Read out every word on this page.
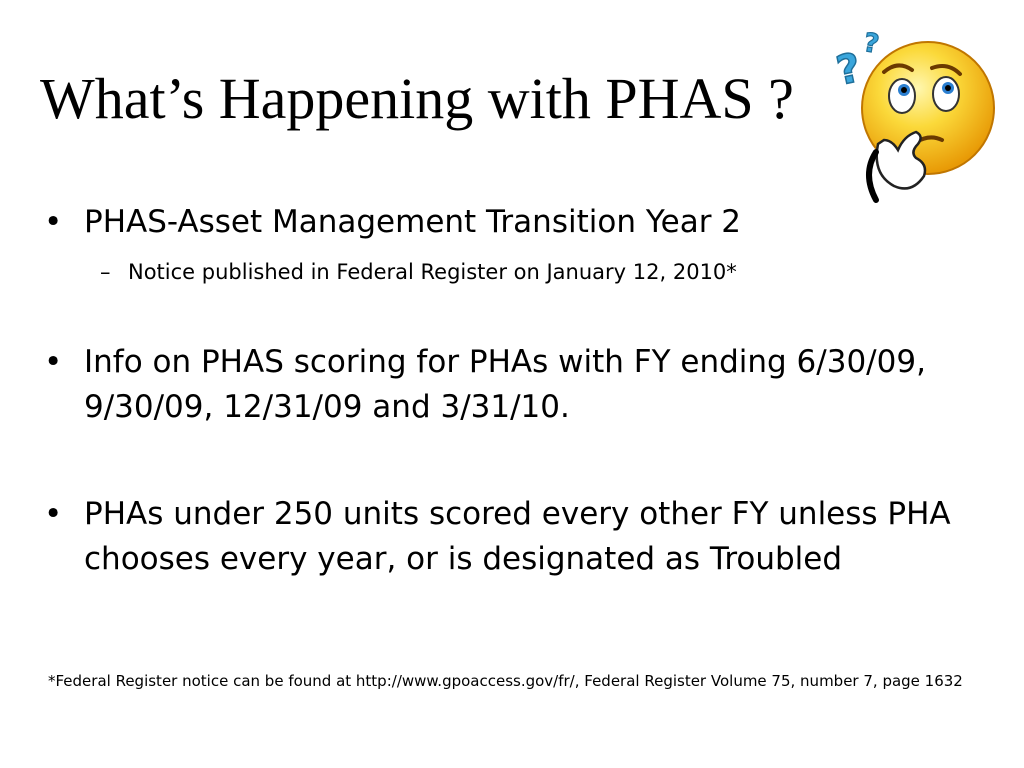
What’s Happening with PHAS ? ?
?
• PHAS-Asset Management Transition Year 2
– Notice published in Federal Register on January 12, 2010*
• Info on PHAS scoring for PHAs with FY ending 6/30/09, 9/30/09, 12/31/09 and 3/31/10.
• PHAs under 250 units scored every other FY unless PHA chooses every year, or is designated as Troubled
*Federal Register notice can be found at http://www.gpoaccess.gov/fr/, Federal Register Volume 75, number 7, page 1632
